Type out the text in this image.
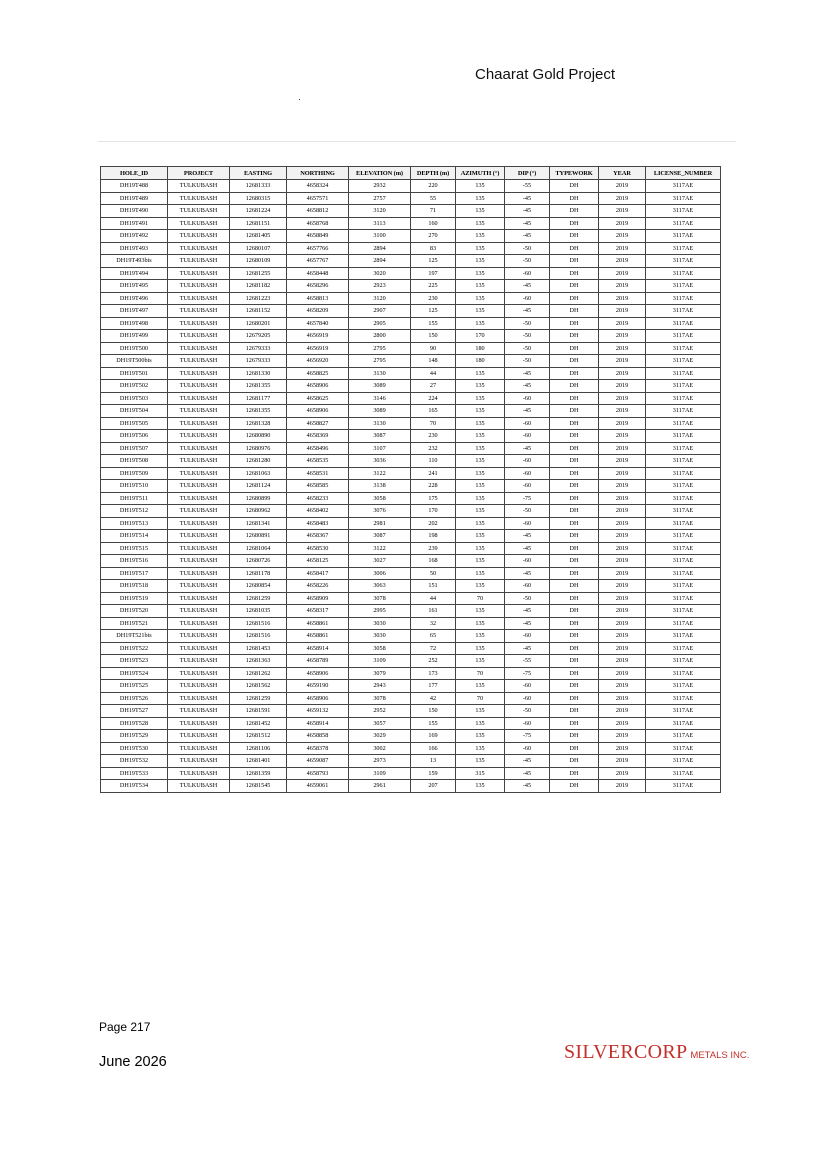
Chaarat Gold Project
HOLE_ID	PROJECT	EASTING	NORTHING	ELEVATION (m)	DEPTH (m)	AZIMUTH (°)	DIP (°)	TYPEWORK	YEAR	LICENSE_NUMBER
DH19T488	TULKUBASH	12681333	4658324	2932	220	135	-55	DH	2019	3117AE
DH19T489	TULKUBASH	12680315	4657571	2757	55	135	-45	DH	2019	3117AE
DH19T490	TULKUBASH	12681224	4658812	3120	71	135	-45	DH	2019	3117AE
DH19T491	TULKUBASH	12681151	4658768	3113	160	135	-45	DH	2019	3117AE
DH19T492	TULKUBASH	12681405	4658849	3100	270	135	-45	DH	2019	3117AE
DH19T493	TULKUBASH	12680107	4657766	2894	83	135	-50	DH	2019	3117AE
DH19T493bis	TULKUBASH	12680109	4657767	2894	125	135	-50	DH	2019	3117AE
DH19T494	TULKUBASH	12681255	4658448	3020	197	135	-60	DH	2019	3117AE
DH19T495	TULKUBASH	12681182	4658296	2923	225	135	-45	DH	2019	3117AE
DH19T496	TULKUBASH	12681223	4658813	3120	230	135	-60	DH	2019	3117AE
DH19T497	TULKUBASH	12681152	4658209	2907	125	135	-45	DH	2019	3117AE
DH19T498	TULKUBASH	12680201	4657840	2905	155	135	-50	DH	2019	3117AE
DH19T499	TULKUBASH	12679205	4656919	2800	150	170	-50	DH	2019	3117AE
DH19T500	TULKUBASH	12679333	4656919	2795	90	180	-50	DH	2019	3117AE
DH19T500bis	TULKUBASH	12679333	4656920	2795	148	180	-50	DH	2019	3117AE
DH19T501	TULKUBASH	12681330	4658825	3130	44	135	-45	DH	2019	3117AE
DH19T502	TULKUBASH	12681355	4658906	3089	27	135	-45	DH	2019	3117AE
DH19T503	TULKUBASH	12681177	4658625	3146	224	135	-60	DH	2019	3117AE
DH19T504	TULKUBASH	12681355	4658906	3089	165	135	-45	DH	2019	3117AE
DH19T505	TULKUBASH	12681328	4658827	3130	70	135	-60	DH	2019	3117AE
DH19T506	TULKUBASH	12680890	4658369	3087	230	135	-60	DH	2019	3117AE
DH19T507	TULKUBASH	12680976	4658496	3107	232	135	-45	DH	2019	3117AE
DH19T508	TULKUBASH	12681280	4658535	3036	110	135	-60	DH	2019	3117AE
DH19T509	TULKUBASH	12681063	4658531	3122	241	135	-60	DH	2019	3117AE
DH19T510	TULKUBASH	12681124	4658585	3138	228	135	-60	DH	2019	3117AE
DH19T511	TULKUBASH	12680899	4658233	3058	175	135	-75	DH	2019	3117AE
DH19T512	TULKUBASH	12680962	4658402	3076	170	135	-50	DH	2019	3117AE
DH19T513	TULKUBASH	12681341	4658483	2981	202	135	-60	DH	2019	3117AE
DH19T514	TULKUBASH	12680891	4658367	3087	198	135	-45	DH	2019	3117AE
DH19T515	TULKUBASH	12681064	4658530	3122	239	135	-45	DH	2019	3117AE
DH19T516	TULKUBASH	12680726	4658125	3027	168	135	-60	DH	2019	3117AE
DH19T517	TULKUBASH	12681178	4658417	3006	50	135	-45	DH	2019	3117AE
DH19T518	TULKUBASH	12680854	4658226	3063	151	135	-60	DH	2019	3117AE
DH19T519	TULKUBASH	12681259	4658909	3078	44	70	-50	DH	2019	3117AE
DH19T520	TULKUBASH	12681035	4658317	2995	161	135	-45	DH	2019	3117AE
DH19T521	TULKUBASH	12681516	4658861	3030	32	135	-45	DH	2019	3117AE
DH19T521bis	TULKUBASH	12681516	4658861	3030	65	135	-60	DH	2019	3117AE
DH19T522	TULKUBASH	12681453	4658914	3058	72	135	-45	DH	2019	3117AE
DH19T523	TULKUBASH	12681363	4658789	3109	252	135	-55	DH	2019	3117AE
DH19T524	TULKUBASH	12681262	4658906	3079	173	70	-75	DH	2019	3117AE
DH19T525	TULKUBASH	12681562	4659190	2943	177	135	-60	DH	2019	3117AE
DH19T526	TULKUBASH	12681259	4658906	3078	42	70	-60	DH	2019	3117AE
DH19T527	TULKUBASH	12681591	4659132	2952	150	135	-50	DH	2019	3117AE
DH19T528	TULKUBASH	12681452	4658914	3057	155	135	-60	DH	2019	3117AE
DH19T529	TULKUBASH	12681512	4658858	3029	169	135	-75	DH	2019	3117AE
DH19T530	TULKUBASH	12681106	4658378	3002	166	135	-60	DH	2019	3117AE
DH19T532	TULKUBASH	12681401	4659087	2973	13	135	-45	DH	2019	3117AE
DH19T533	TULKUBASH	12681359	4658793	3109	159	315	-45	DH	2019	3117AE
DH19T534	TULKUBASH	12681545	4659061	2961	207	135	-45	DH	2019	3117AE
Page 217
June 2026	SILVERCORP METALS INC.
